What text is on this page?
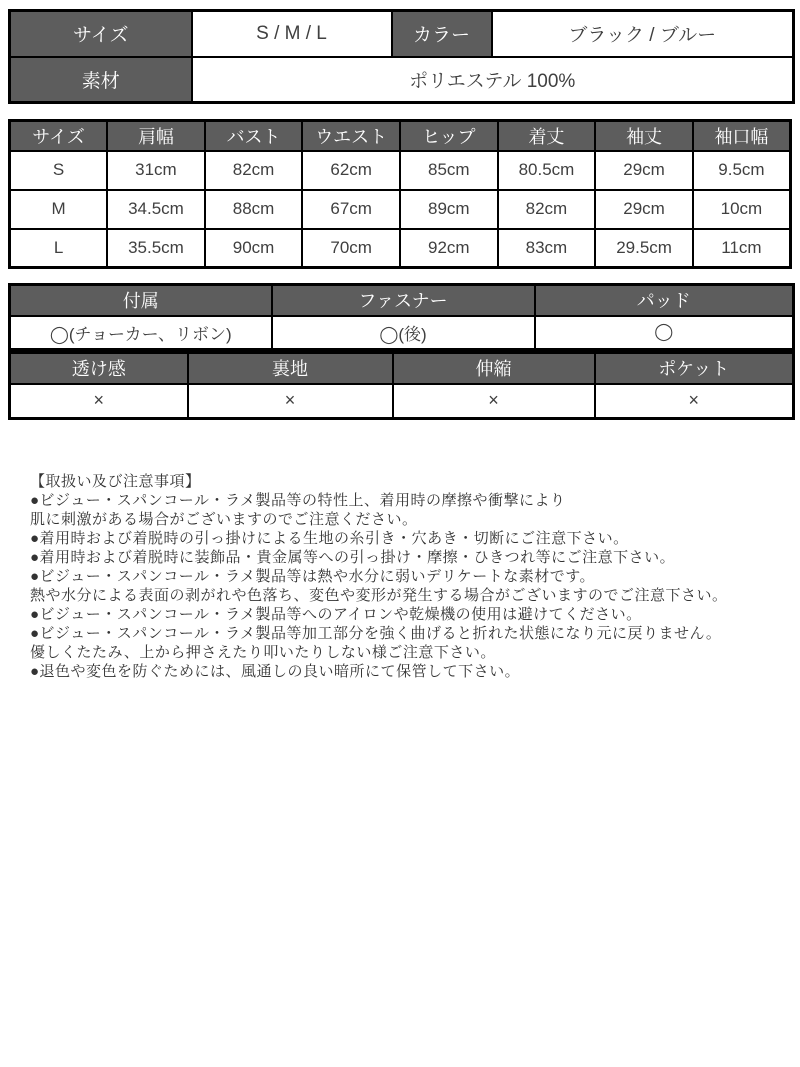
サイズ	S / M / L	カラー	ブラック / ブルー
素材	ポリエステル 100%		
サイズ	肩幅	バスト	ウエスト	ヒップ	着丈	袖丈	袖口幅
S	31cm	82cm	62cm	85cm	80.5cm	29cm	9.5cm
M	34.5cm	88cm	67cm	89cm	82cm	29cm	10cm
L	35.5cm	90cm	70cm	92cm	83cm	29.5cm	11cm
付属	ファスナー	パッド
◯(チョーカー、リボン)	◯(後)	◯
透け感	裏地	伸縮	ポケット
×	×	×	×
【取扱い及び注意事項】
●ビジュー・スパンコール・ラメ製品等の特性上、着用時の摩擦や衝撃により
肌に刺激がある場合がございますのでご注意ください。
●着用時および着脱時の引っ掛けによる生地の糸引き・穴あき・切断にご注意下さい。
●着用時および着脱時に装飾品・貴金属等への引っ掛け・摩擦・ひきつれ等にご注意下さい。
●ビジュー・スパンコール・ラメ製品等は熱や水分に弱いデリケートな素材です。
熱や水分による表面の剥がれや色落ち、変色や変形が発生する場合がございますのでご注意下さい。
●ビジュー・スパンコール・ラメ製品等へのアイロンや乾燥機の使用は避けてください。
●ビジュー・スパンコール・ラメ製品等加工部分を強く曲げると折れた状態になり元に戻りません。
優しくたたみ、上から押さえたり叩いたりしない様ご注意下さい。
●退色や変色を防ぐためには、風通しの良い暗所にて保管して下さい。
